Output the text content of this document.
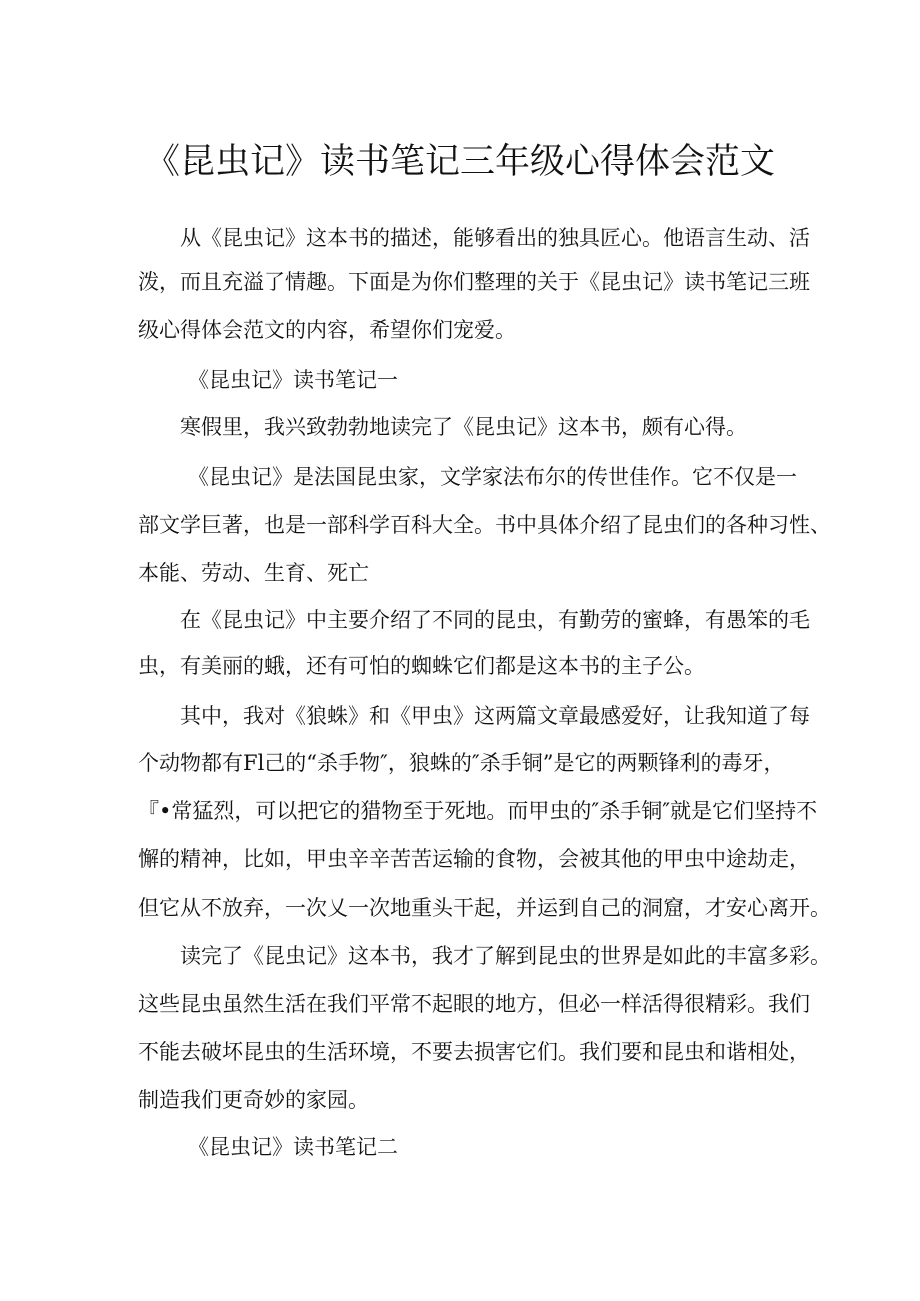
《昆虫记》读书笔记三年级心得体会范文
从《昆虫记》这本书的描述，能够看出的独具匠心。他语言生动、活
泼，而且充溢了情趣。下面是为你们整理的关于《昆虫记》读书笔记三班
级心得体会范文的内容，希望你们宠爱。
《昆虫记》读书笔记一
寒假里，我兴致勃勃地读完了《昆虫记》这本书，颇有心得。
《昆虫记》是法国昆虫家，文学家法布尔的传世佳作。它不仅是一
部文学巨著，也是一部科学百科大全。书中具体介绍了昆虫们的各种习性、
本能、劳动、生育、死亡
在《昆虫记》中主要介绍了不同的昆虫，有勤劳的蜜蜂，有愚笨的毛
虫，有美丽的蛾，还有可怕的蜘蛛它们都是这本书的主子公。
其中，我对《狼蛛》和《甲虫》这两篇文章最感爱好，让我知道了每
个动物都有Fl己的“杀手物″，狼蛛的″杀手铜”是它的两颗锋利的毒牙，
『•常猛烈，可以把它的猎物至于死地。而甲虫的″杀手铜″就是它们坚持不
懈的精神，比如，甲虫辛辛苦苦运输的食物，会被其他的甲虫中途劫走，
但它从不放弃，一次乂一次地重头干起，并运到自己的洞窟，才安心离开。
读完了《昆虫记》这本书，我才了解到昆虫的世界是如此的丰富多彩。
这些昆虫虽然生活在我们平常不起眼的地方，但必一样活得很精彩。我们
不能去破坏昆虫的生活环境，不要去损害它们。我们要和昆虫和谐相处，
制造我们更奇妙的家园。
《昆虫记》读书笔记二
